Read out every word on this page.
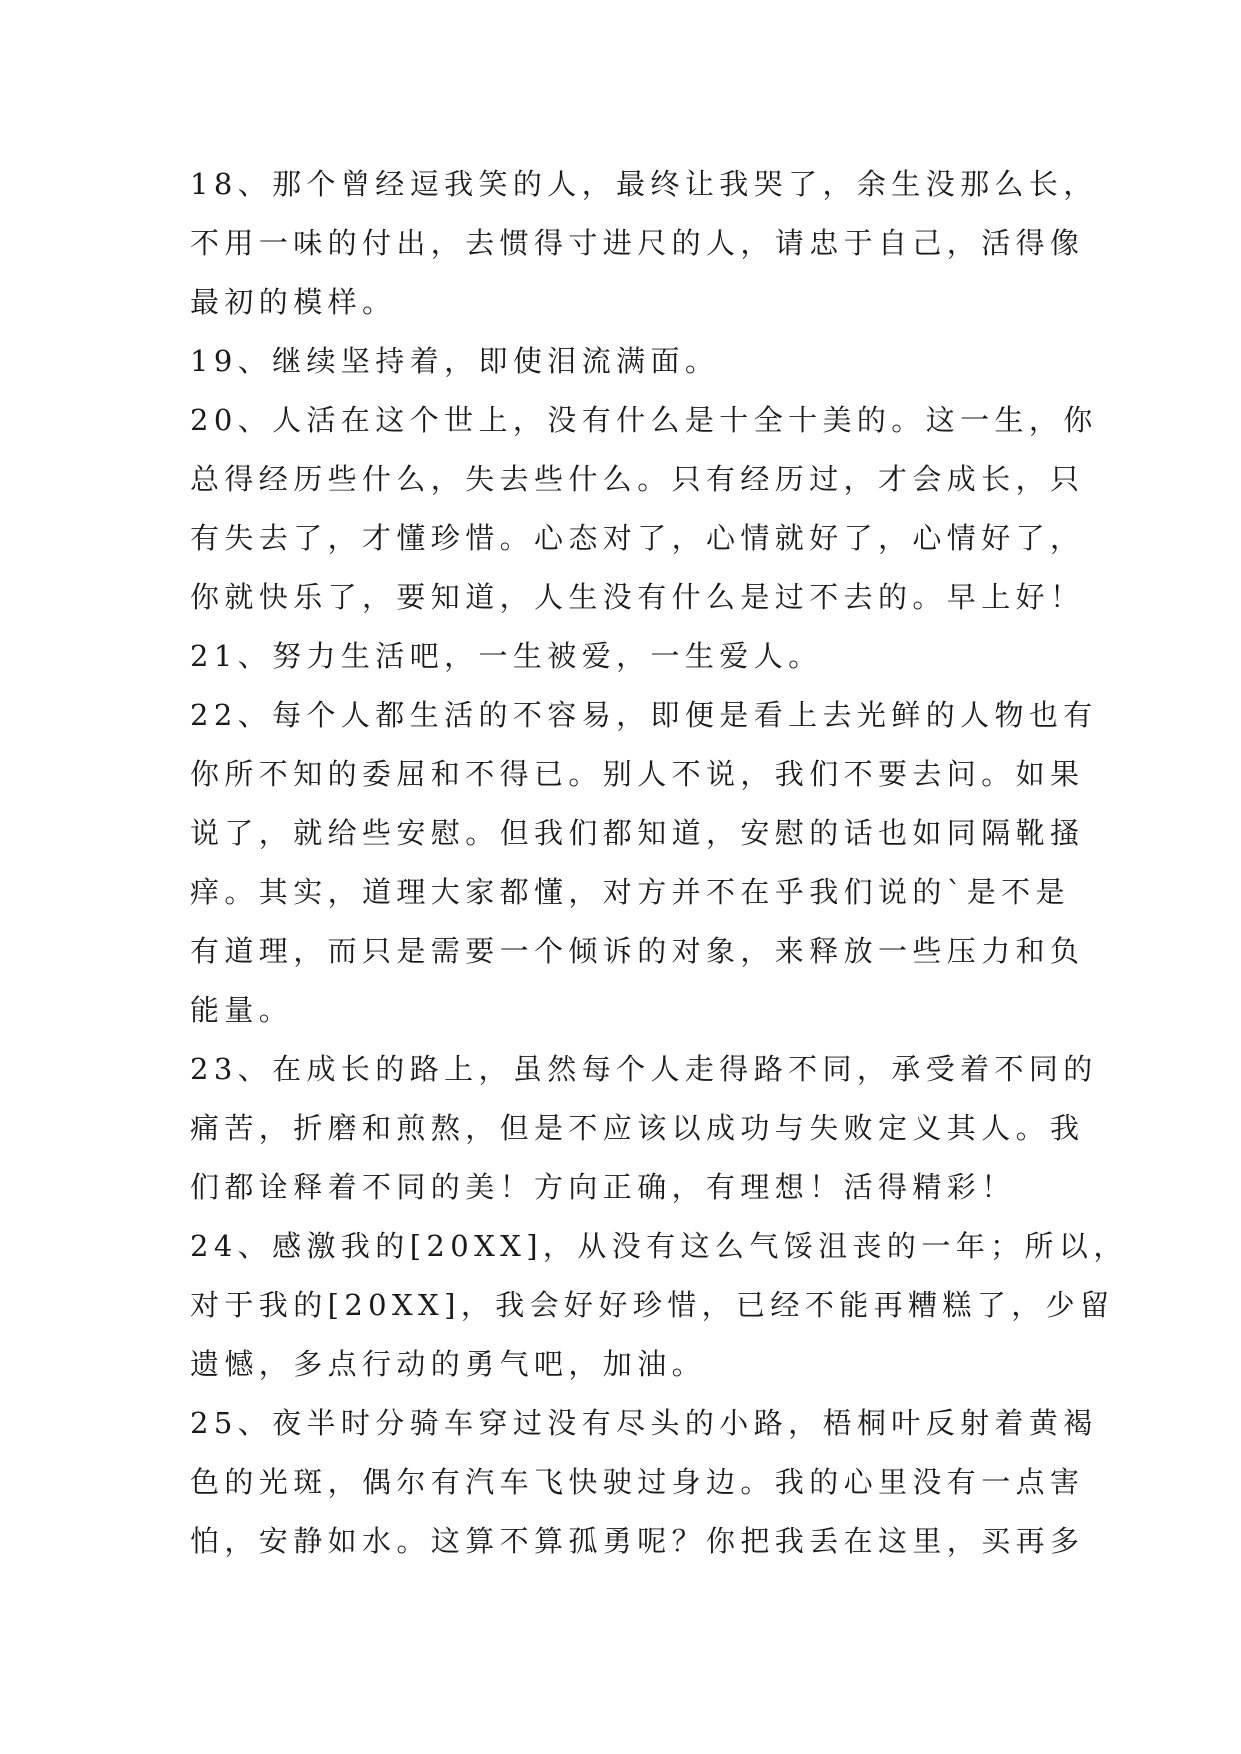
18、那个曾经逗我笑的人，最终让我哭了，余生没那么长，
不用一味的付出，去惯得寸进尺的人，请忠于自己，活得像
最初的模样。
19、继续坚持着，即使泪流满面。
20、人活在这个世上，没有什么是十全十美的。这一生，你
总得经历些什么，失去些什么。只有经历过，才会成长，只
有失去了，才懂珍惜。心态对了，心情就好了，心情好了，
你就快乐了，要知道，人生没有什么是过不去的。早上好！
21、努力生活吧，一生被爱，一生爱人。
22、每个人都生活的不容易，即便是看上去光鲜的人物也有
你所不知的委屈和不得已。别人不说，我们不要去问。如果
说了，就给些安慰。但我们都知道，安慰的话也如同隔靴搔
痒。其实，道理大家都懂，对方并不在乎我们说的`是不是
有道理，而只是需要一个倾诉的对象，来释放一些压力和负
能量。
23、在成长的路上，虽然每个人走得路不同，承受着不同的
痛苦，折磨和煎熬，但是不应该以成功与失败定义其人。我
们都诠释着不同的美！方向正确，有理想！活得精彩！
24、感激我的[20XX]，从没有这么气馁沮丧的一年；所以，
对于我的[20XX]，我会好好珍惜，已经不能再糟糕了，少留
遗憾，多点行动的勇气吧，加油。
25、夜半时分骑车穿过没有尽头的小路，梧桐叶反射着黄褐
色的光斑，偶尔有汽车飞快驶过身边。我的心里没有一点害
怕，安静如水。这算不算孤勇呢？你把我丢在这里，买再多
